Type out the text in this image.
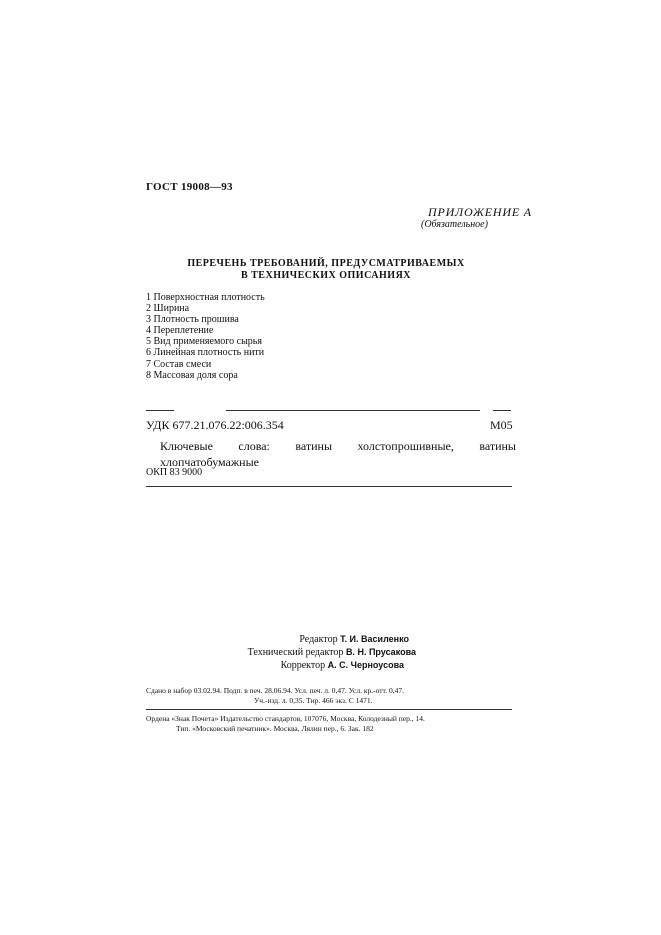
ГОСТ 19008—93
ПРИЛОЖЕНИЕ А
(Обязательное)
ПЕРЕЧЕНЬ ТРЕБОВАНИЙ, ПРЕДУСМАТРИВАЕМЫХ
В ТЕХНИЧЕСКИХ ОПИСАНИЯХ
1 Поверхностная плотность
2 Ширина
3 Плотность прошива
4 Переплетение
5 Вид применяемого сырья
6 Линейная плотность нити
7 Состав смеси
8 Массовая доля сора
УДК 677.21.076.22:006.354	М05
Ключевые слова: ватины холстопрошивные, ватины хлопчатобумажные
ОКП 83 9000
Редактор Т. И. Василенко
Технический редактор В. Н. Прусакова
Корректор А. С. Черноусова
Сдано в набор 03.02.94. Подп. в печ. 28.06.94. Усл. печ. л. 0,47. Усл. кр.-отт. 0,47.
Уч.-изд. л. 0,35. Тир. 466 экз. С 1471.
Ордена «Знак Почета» Издательство стандартов, 107076, Москва, Колодезный пер., 14.
Тип. «Московский печатник». Москва, Лялин пер., 6. Зак. 182
